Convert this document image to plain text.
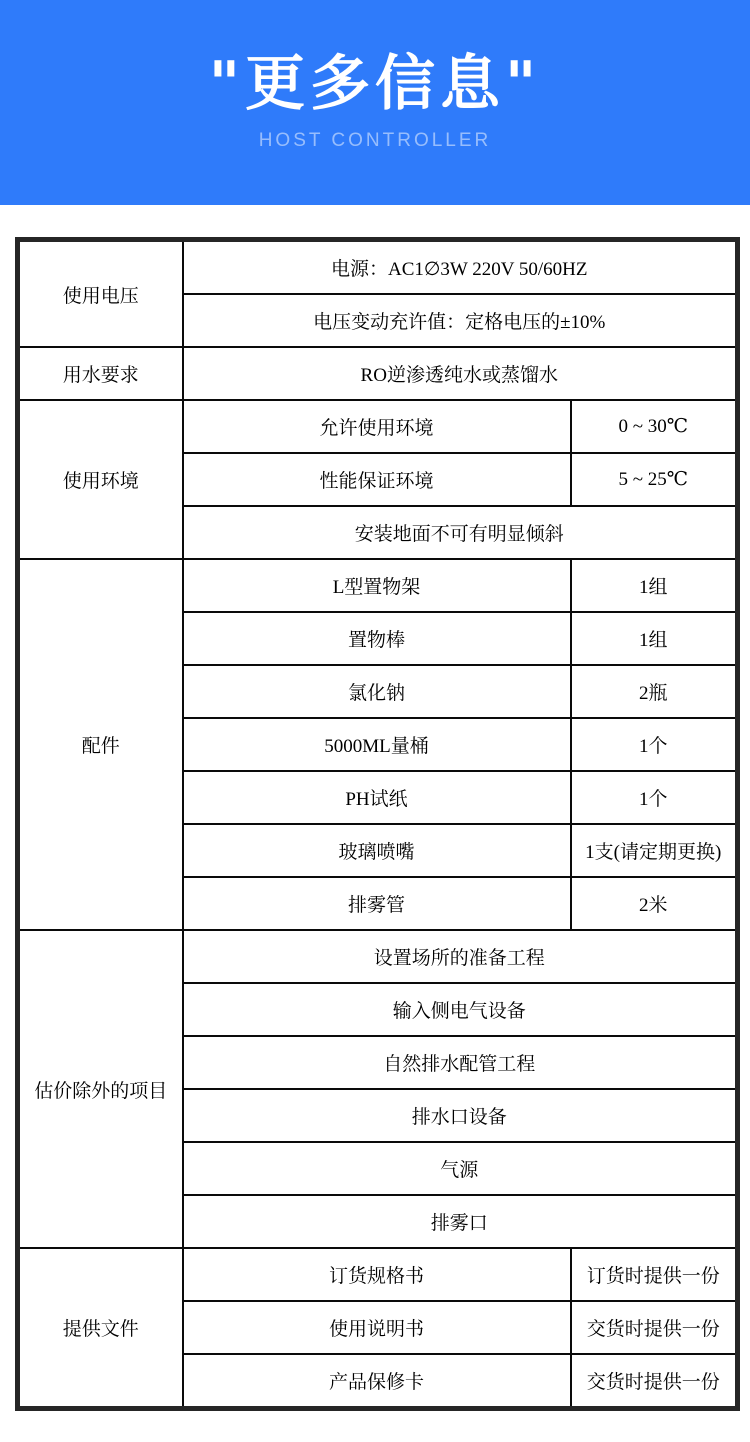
"更多信息"
HOST CONTROLLER
使用电压	电源：AC1∅3W 220V 50/60HZ	
	电压变动充许值：定格电压的±10%	
用水要求	RO逆渗透纯水或蒸馏水	
使用环境	允许使用环境	0 ~ 30℃
	性能保证环境	5 ~ 25℃
	安装地面不可有明显倾斜	
配件	L型置物架	1组
	置物棒	1组
	氯化钠	2瓶
	5000ML量桶	1个
	PH试纸	1个
	玻璃喷嘴	1支(请定期更换)
	排雾管	2米
估价除外的项目	设置场所的准备工程	
	输入侧电气设备	
	自然排水配管工程	
	排水口设备	
	气源	
	排雾口	
提供文件	订货规格书	订货时提供一份
	使用说明书	交货时提供一份
	产品保修卡	交货时提供一份
